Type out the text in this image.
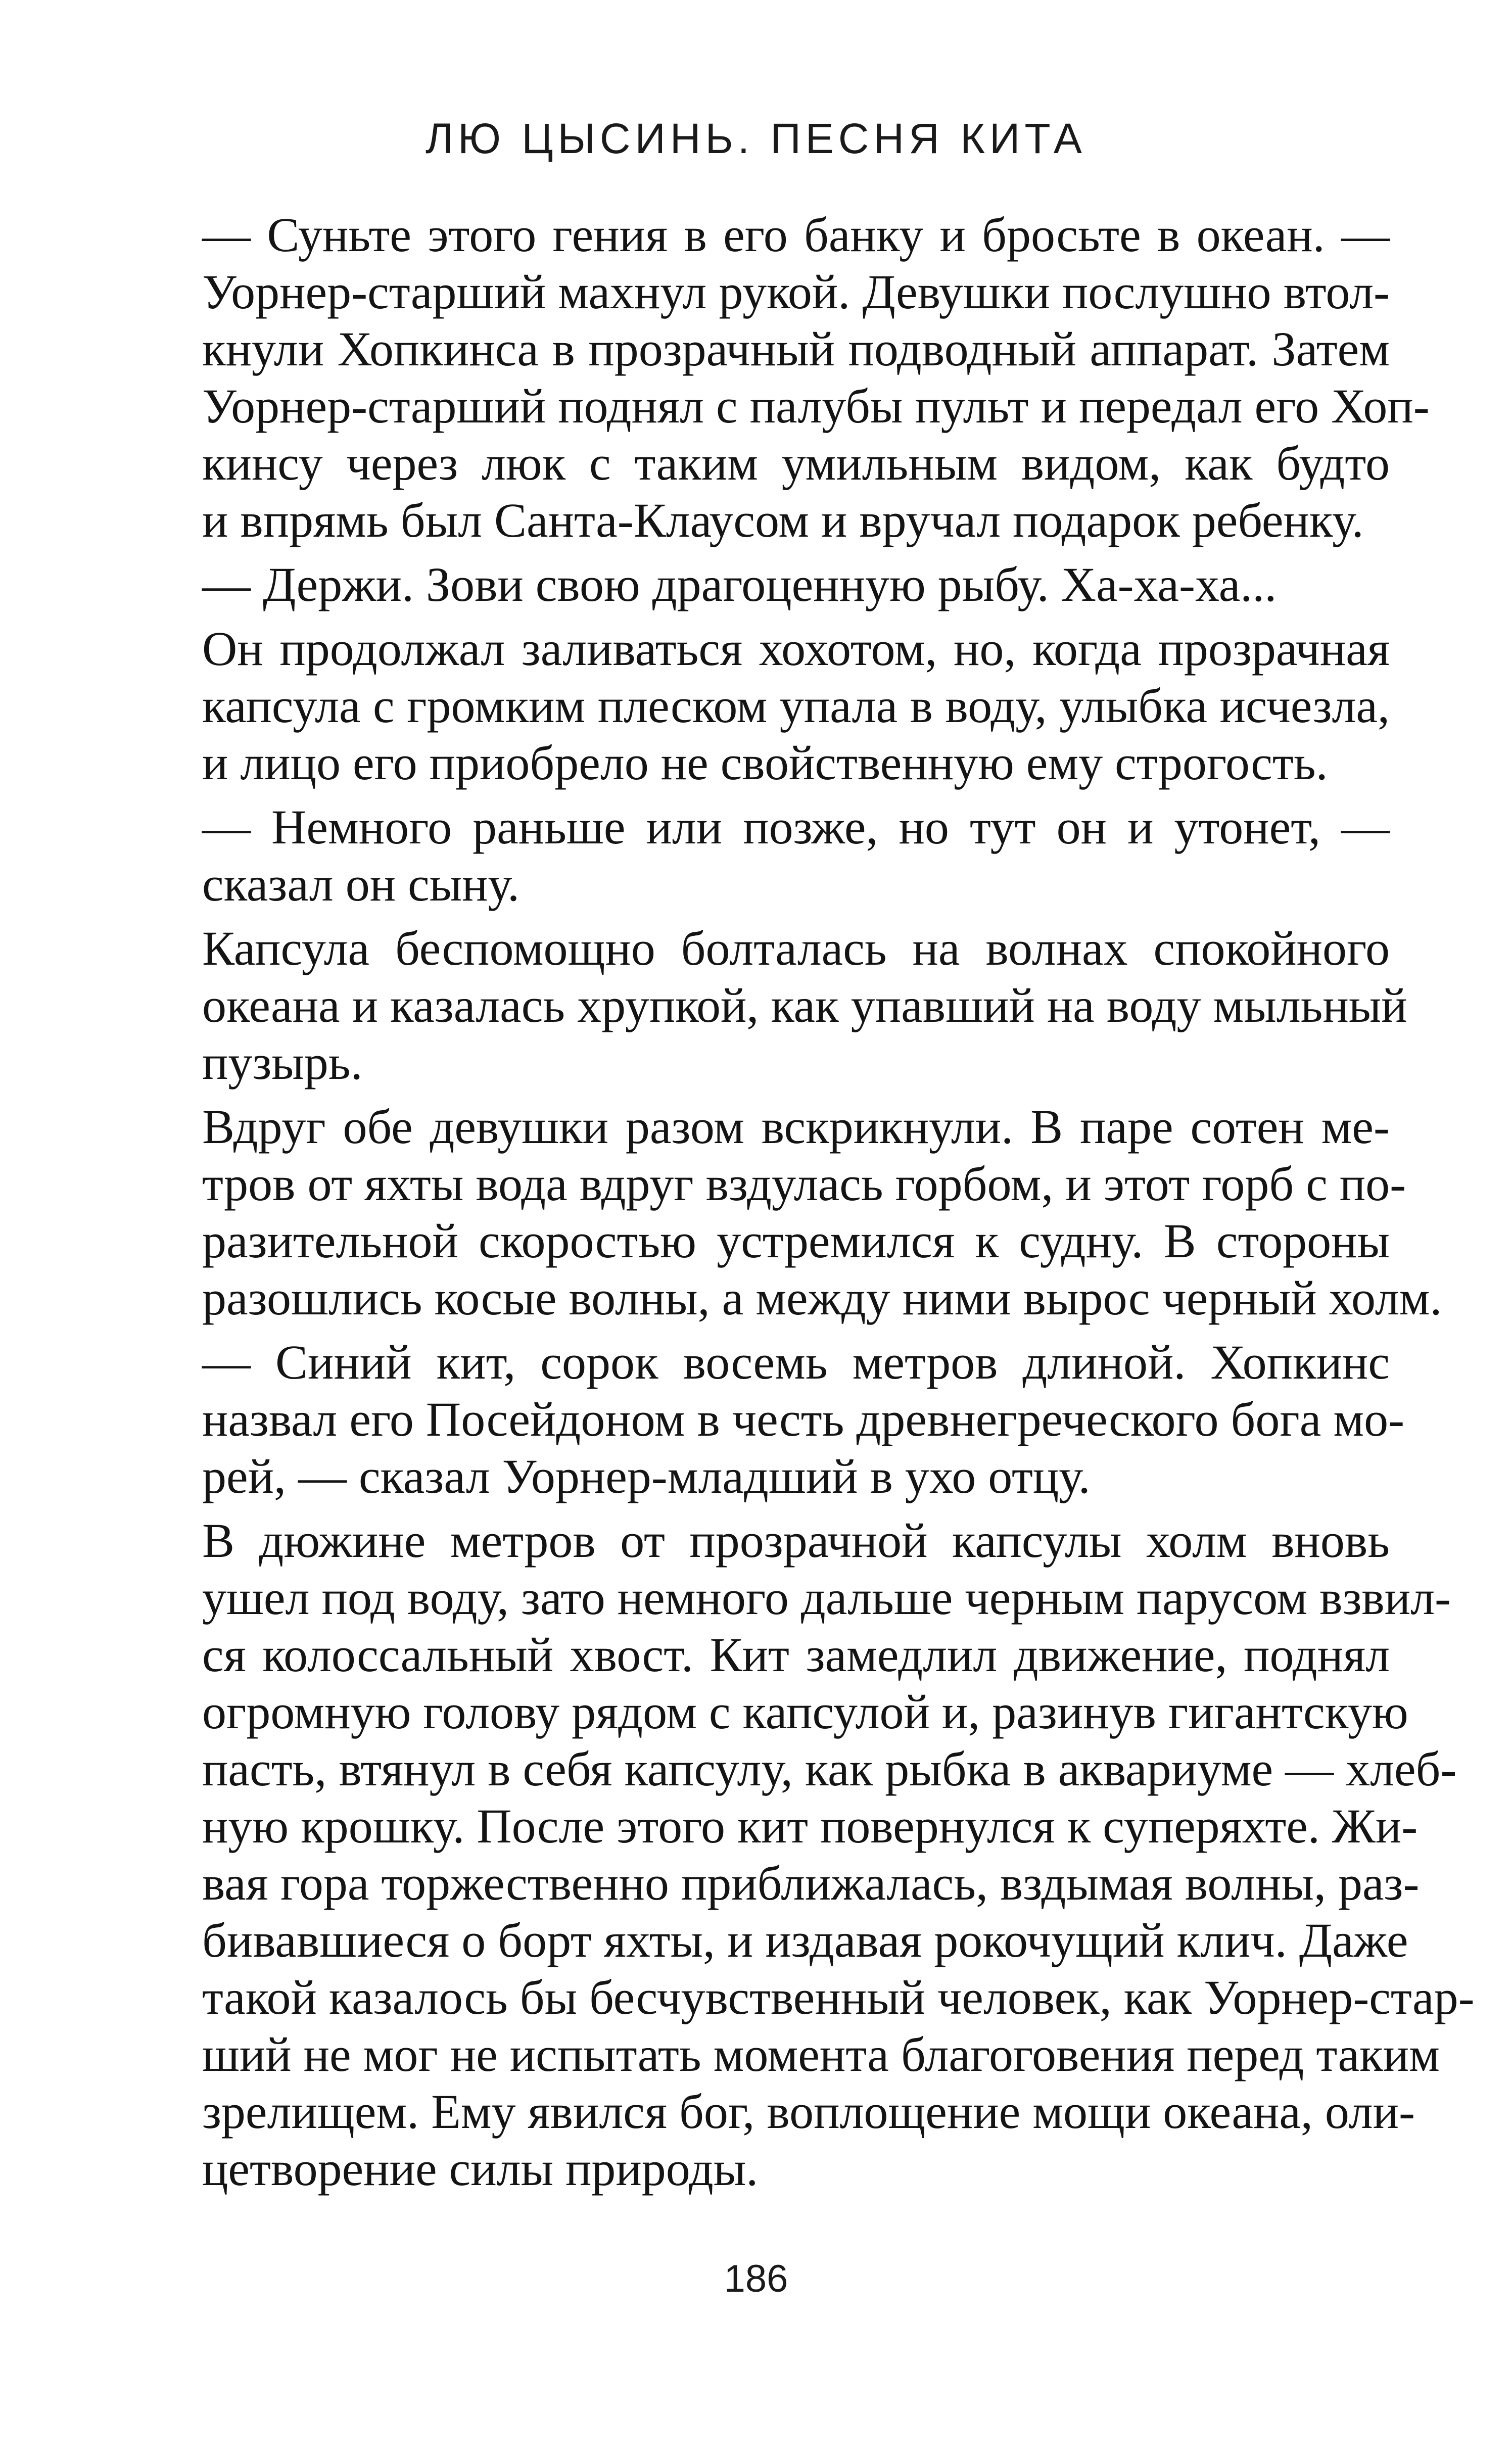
ЛЮ ЦЫСИНЬ. ПЕСНЯ КИТА

— Суньте этого гения в его банку и бросьте в океан. —
Уорнер-старший махнул рукой. Девушки послушно втол-
кнули Хопкинса в прозрачный подводный аппарат. Затем
Уорнер-старший поднял с палубы пульт и передал его Хоп-
кинсу через люк с таким умильным видом, как будто
и впрямь был Санта-Клаусом и вручал подарок ребенку.

— Держи. Зови свою драгоценную рыбу. Ха-ха-ха...

Он продолжал заливаться хохотом, но, когда прозрачная
капсула с громким плеском упала в воду, улыбка исчезла,
и лицо его приобрело не свойственную ему строгость.

— Немного раньше или позже, но тут он и утонет, —
сказал он сыну.

Капсула беспомощно болталась на волнах спокойного
океана и казалась хрупкой, как упавший на воду мыльный
пузырь.

Вдруг обе девушки разом вскрикнули. В паре сотен ме-
тров от яхты вода вдруг вздулась горбом, и этот горб с по-
разительной скоростью устремился к судну. В стороны
разошлись косые волны, а между ними вырос черный холм.

— Синий кит, сорок восемь метров длиной. Хопкинс
назвал его Посейдоном в честь древнегреческого бога мо-
рей, — сказал Уорнер-младший в ухо отцу.

В дюжине метров от прозрачной капсулы холм вновь
ушел под воду, зато немного дальше черным парусом взвил-
ся колоссальный хвост. Кит замедлил движение, поднял
огромную голову рядом с капсулой и, разинув гигантскую
пасть, втянул в себя капсулу, как рыбка в аквариуме — хлеб-
ную крошку. После этого кит повернулся к суперяхте. Жи-
вая гора торжественно приближалась, вздымая волны, раз-
бивавшиеся о борт яхты, и издавая рокочущий клич. Даже
такой казалось бы бесчувственный человек, как Уорнер-стар-
ший не мог не испытать момента благоговения перед таким
зрелищем. Ему явился бог, воплощение мощи океана, оли-
цетворение силы природы.

186
